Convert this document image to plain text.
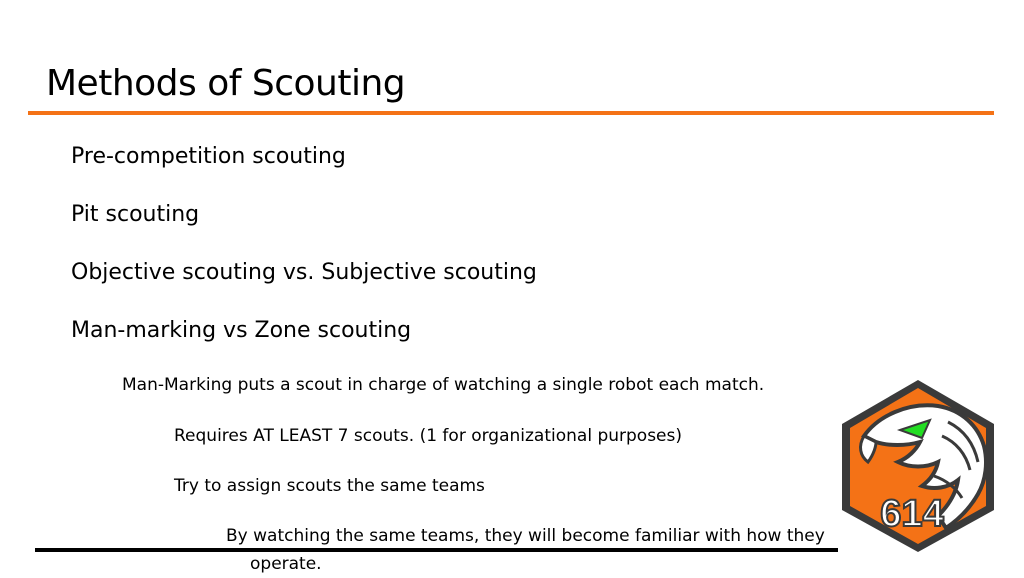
Methods of Scouting
Pre-competition scouting
Pit scouting
Objective scouting vs. Subjective scouting
Man-marking vs Zone scouting
Man-Marking puts a scout in charge of watching a single robot each match.
Requires AT LEAST 7 scouts. (1 for organizational purposes)
Try to assign scouts the same teams
By watching the same teams, they will become familiar with how they
operate.
614
